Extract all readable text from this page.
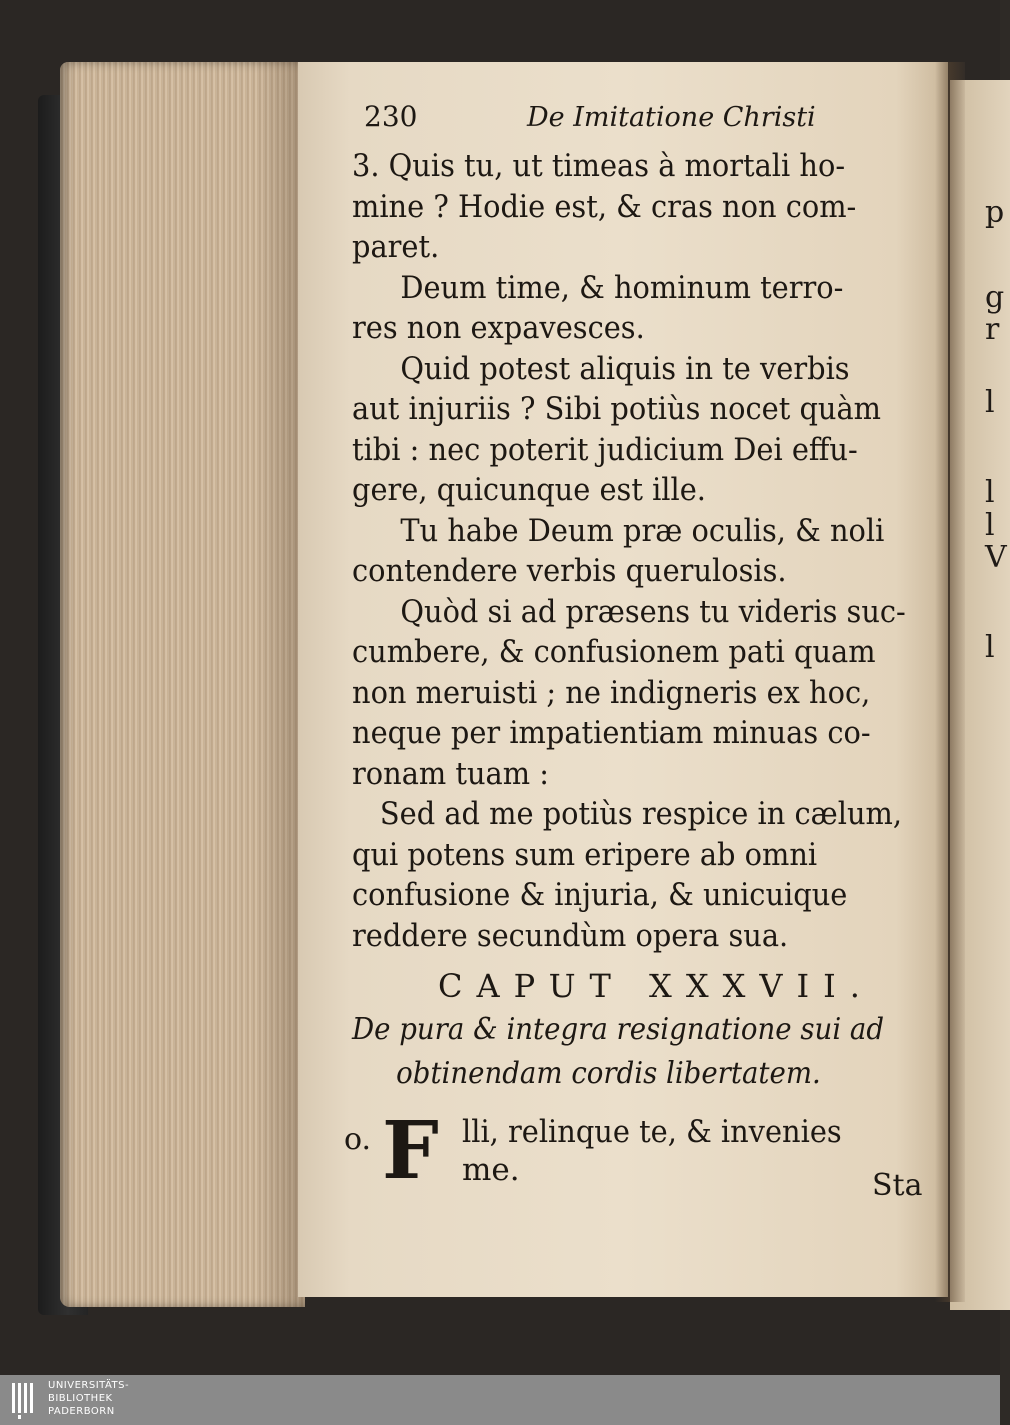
p
g
r
l
l
l
V
l
230	De Imitatione Christi
3. Quis tu, ut timeas à mortali ho-
mine ? Hodie est, & cras non com-
paret.
Deum time, & hominum terro-
res non expavesces.
Quid potest aliquis in te verbis
aut injuriis ? Sibi potiùs nocet quàm
tibi : nec poterit judicium Dei effu-
gere, quicunque est ille.
Tu habe Deum præ oculis, & noli
contendere verbis querulosis.
Quòd si ad præsens tu videris suc-
cumbere, & confusionem pati quam
non meruisti ; ne indigneris ex hoc,
neque per impatientiam minuas co-
ronam tuam :
Sed ad me potiùs respice in cælum,
qui potens sum eripere ab omni
confusione & injuria, & unicuique
reddere secundùm opera sua.
CAPUT XXXVII.
De pura & integra resignatione sui ad
obtinendam cordis libertatem.
o. F lli, relinque te, & invenies
me.	Sta
UNIVERSITÄTS-
BIBLIOTHEK
PADERBORN
